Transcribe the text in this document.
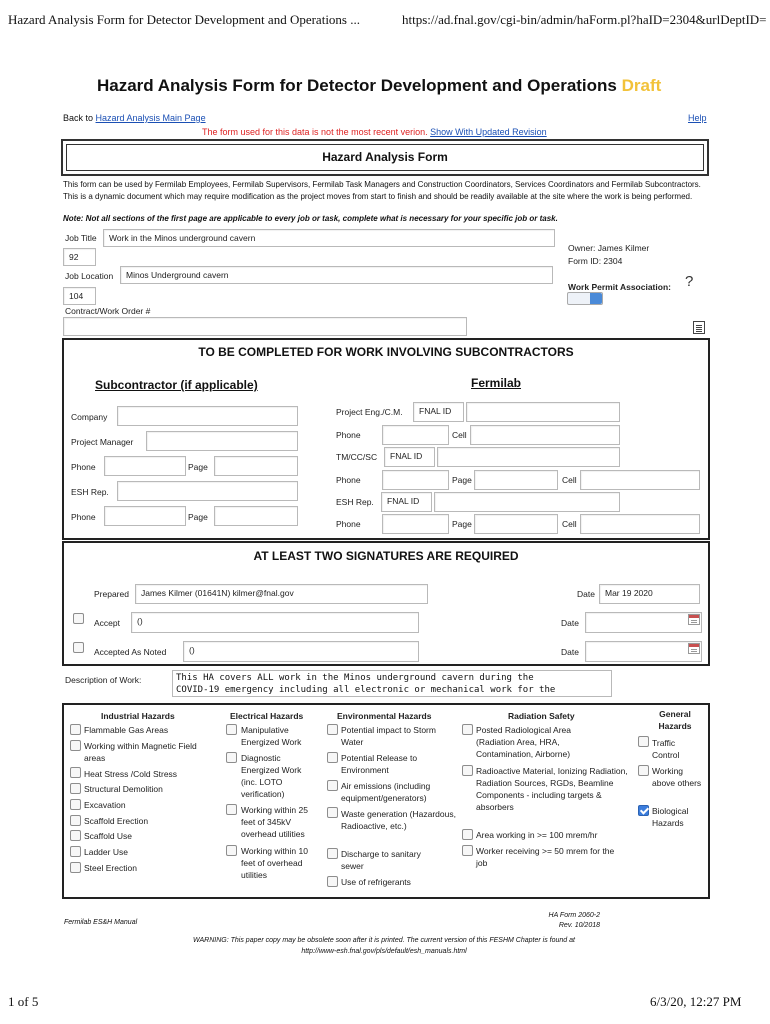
Hazard Analysis Form for Detector Development and Operations ...	https://ad.fnal.gov/cgi-bin/admin/haForm.pl?haID=2304&urlDeptID=
Hazard Analysis Form for Detector Development and Operations Draft
Back to Hazard Analysis Main Page	Help
The form used for this data is not the most recent verion. Show With Updated Revision
Hazard Analysis Form
This form can be used by Fermilab Employees, Fermilab Supervisors, Fermilab Task Managers and Construction Coordinators, Services Coordinators and Fermilab Subcontractors. This is a dynamic document which may require modification as the project moves from start to finish and should be readily available at the site where the work is being performed.
Note: Not all sections of the first page are applicable to every job or task, complete what is necessary for your specific job or task.
Job Title	Work in the Minos underground cavern
92
Job Location	Minos Underground cavern
104
Contract/Work Order #
Owner: James Kilmer
Form ID: 2304
Work Permit Association: ?
TO BE COMPLETED FOR WORK INVOLVING SUBCONTRACTORS
Subcontractor (if applicable)	Fermilab
Company
Project Manager
Phone	Page
ESH Rep.
Phone	Page
Project Eng./C.M.	FNAL ID
Phone	Cell
TM/CC/SC	FNAL ID
Phone	Page	Cell
ESH Rep.	FNAL ID
Phone	Page	Cell
AT LEAST TWO SIGNATURES ARE REQUIRED
Prepared	James Kilmer (01641N) kilmer@fnal.gov	Date	Mar 19 2020
Accept	()	Date
Accepted As Noted	()	Date
Description of Work:	This HA covers ALL work in the Minos underground cavern during the
COVID-19 emergency including all electronic or mechanical work for the
Industrial Hazards
Flammable Gas Areas
Working within Magnetic Field areas
Heat Stress /Cold Stress
Structural Demolition
Excavation
Scaffold Erection
Scaffold Use
Ladder Use
Steel Erection
Electrical Hazards
Manipulative Energized Work
Diagnostic Energized Work (inc. LOTO verification)
Working within 25 feet of 345kV overhead utilities
Working within 10 feet of overhead utilities
Environmental Hazards
Potential impact to Storm Water
Potential Release to Environment
Air emissions (including equipment/generators)
Waste generation (Hazardous, Radioactive, etc.)
Discharge to sanitary sewer
Use of refrigerants
Radiation Safety
Posted Radiological Area (Radiation Area, HRA, Contamination, Airborne)
Radioactive Material, Ionizing Radiation, Radiation Sources, RGDs, Beamline Components - including targets & absorbers
Area working in >= 100 mrem/hr
Worker receiving >= 50 mrem for the job
General Hazards
Traffic Control
Working above others
Biological Hazards
Fermilab ES&H Manual
HA Form 2060-2
Rev. 10/2018
WARNING: This paper copy may be obsolete soon after it is printed. The current version of this FESHM Chapter is found at
http://www-esh.fnal.gov/pls/default/esh_manuals.html
1 of 5	6/3/20, 12:27 PM
